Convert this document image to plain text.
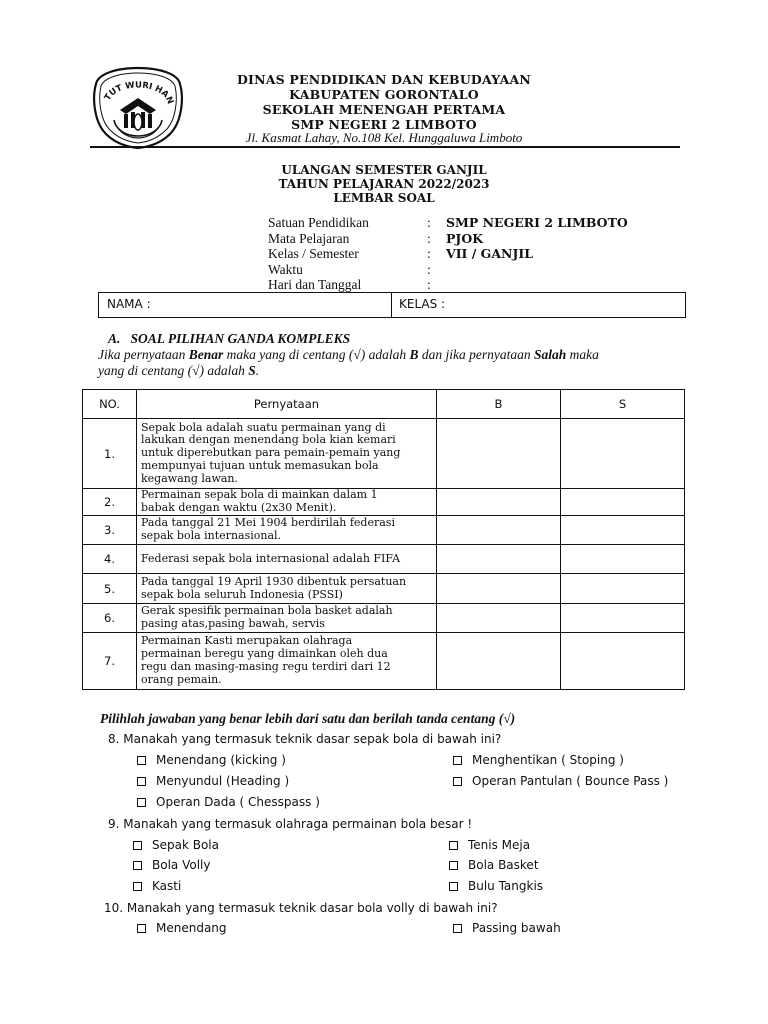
TUT WURI HAN
DINAS PENDIDIKAN DAN KEBUDAYAAN
KABUPATEN GORONTALO
SEKOLAH MENENGAH PERTAMA
SMP NEGERI 2 LIMBOTO
Jl. Kasmat Lahay, No.108 Kel. Hunggaluwa Limboto
ULANGAN SEMESTER GANJIL
TAHUN PELAJARAN 2022/2023
LEMBAR SOAL
Satuan Pendidikan	: SMP NEGERI 2 LIMBOTO
Mata Pelajaran	: PJOK
Kelas / Semester	: VII / GANJIL
Waktu	:
Hari dan Tanggal	:
NAMA :	KELAS :
A.   SOAL PILIHAN GANDA KOMPLEKS
Jika pernyataan Benar maka yang di centang (√) adalah B dan jika pernyataan Salah maka
yang di centang (√) adalah S.
NO.	Pernyataan	B	S
1.	Sepak bola adalah suatu permainan yang di
lakukan dengan menendang bola kian kemari
untuk diperebutkan para pemain-pemain yang
mempunyai tujuan untuk memasukan bola
kegawang lawan.		

2.	Permainan sepak bola di mainkan dalam 1
babak dengan waktu (2x30 Menit).		

3.	Pada tanggal 21 Mei 1904 berdirilah federasi
sepak bola internasional.		

4.	Federasi sepak bola internasional adalah FIFA		

5.	Pada tanggal 19 April 1930 dibentuk persatuan
sepak bola seluruh Indonesia (PSSI)		

6.	Gerak spesifik permainan bola basket adalah
pasing atas,pasing bawah, servis		

7.	Permainan Kasti merupakan olahraga
permainan beregu yang dimainkan oleh dua
regu dan masing-masing regu terdiri dari 12
orang pemain.		

Pilihlah jawaban yang benar lebih dari satu dan berilah tanda centang (√)
8. Manakah yang termasuk teknik dasar sepak bola di bawah ini?
Menendang (kicking )	Menghentikan ( Stoping )
Menyundul (Heading )	Operan Pantulan ( Bounce Pass )
Operan Dada ( Chesspass )
9. Manakah yang termasuk olahraga permainan bola besar !
Sepak Bola	Tenis Meja
Bola Volly	Bola Basket
Kasti	Bulu Tangkis
10. Manakah yang termasuk teknik dasar bola volly di bawah ini?
Menendang	Passing bawah
